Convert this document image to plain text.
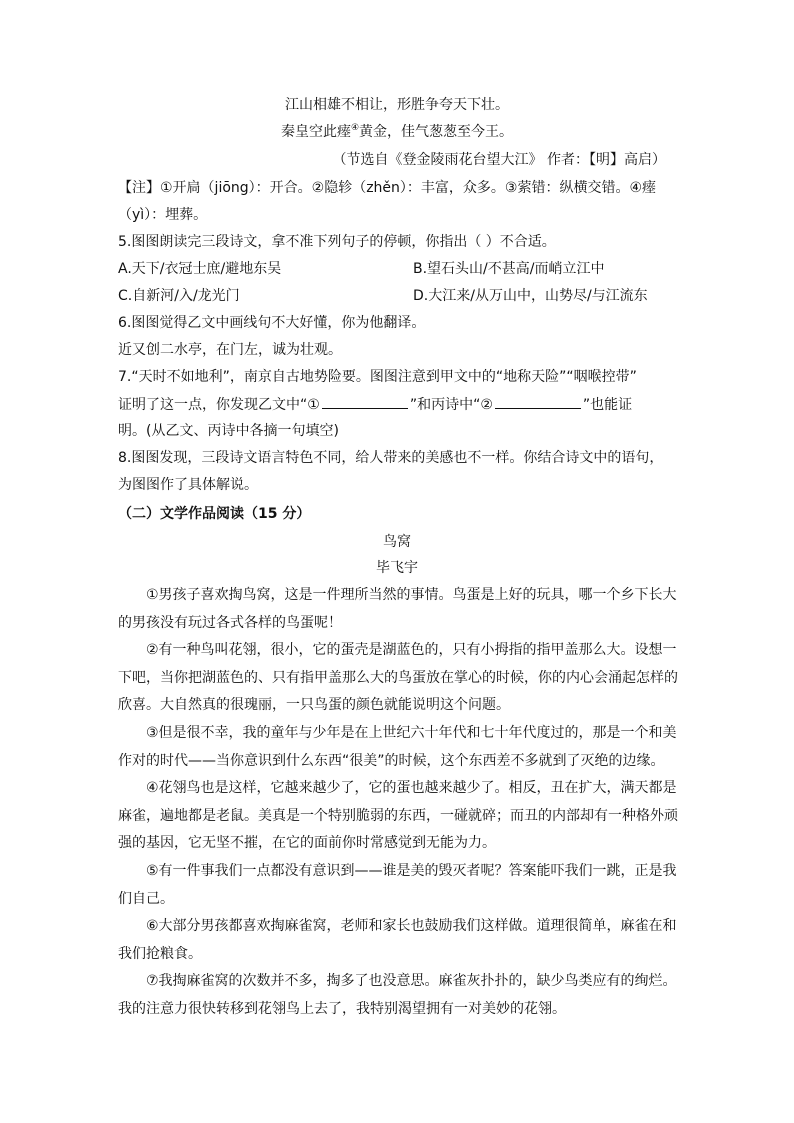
江山相雄不相让，形胜争夸天下壮。
秦皇空此瘗④黄金，佳气葱葱至今王。
（节选自《登金陵雨花台望大江》 作者：【明】高启）
【注】①开扃（jiōng）：开合。②隐轸（zhěn）：丰富，众多。③萦错：纵横交错。④瘗
（yì）：埋葬。
5.图图朗读完三段诗文，拿不准下列句子的停顿，你指出（ ）不合适。
A.天下/衣冠士庶/避地东吴	B.望石头山/不甚高/而峭立江中
C.自新河/入/龙光门	D.大江来/从万山中，山势尽/与江流东
6.图图觉得乙文中画线句不大好懂，你为他翻译。
近又创二水亭，在门左，诚为壮观。
7.“天时不如地利”，南京自古地势险要。图图注意到甲文中的“地称天险”“咽喉控带”
证明了这一点，你发现乙文中“①	”和丙诗中“②	”也能证
明。(从乙文、丙诗中各摘一句填空)
8.图图发现，三段诗文语言特色不同，给人带来的美感也不一样。你结合诗文中的语句，
为图图作了具体解说。
（二）文学作品阅读（15 分）
鸟窝
毕飞宇
①男孩子喜欢掏鸟窝，这是一件理所当然的事情。鸟蛋是上好的玩具，哪一个乡下长大
的男孩没有玩过各式各样的鸟蛋呢！
②有一种鸟叫花翎，很小，它的蛋壳是湖蓝色的，只有小拇指的指甲盖那么大。设想一
下吧，当你把湖蓝色的、只有指甲盖那么大的鸟蛋放在掌心的时候，你的内心会涌起怎样的
欣喜。大自然真的很瑰丽，一只鸟蛋的颜色就能说明这个问题。
③但是很不幸，我的童年与少年是在上世纪六十年代和七十年代度过的，那是一个和美
作对的时代——当你意识到什么东西“很美”的时候，这个东西差不多就到了灭绝的边缘。
④花翎鸟也是这样，它越来越少了，它的蛋也越来越少了。相反，丑在扩大，满天都是
麻雀，遍地都是老鼠。美真是一个特别脆弱的东西，一碰就碎；而丑的内部却有一种格外顽
强的基因，它无坚不摧，在它的面前你时常感觉到无能为力。
⑤有一件事我们一点都没有意识到——谁是美的毁灭者呢？答案能吓我们一跳，正是我
们自己。
⑥大部分男孩都喜欢掏麻雀窝，老师和家长也鼓励我们这样做。道理很简单，麻雀在和
我们抢粮食。
⑦我掏麻雀窝的次数并不多，掏多了也没意思。麻雀灰扑扑的，缺少鸟类应有的绚烂。
我的注意力很快转移到花翎鸟上去了，我特别渴望拥有一对美妙的花翎。
